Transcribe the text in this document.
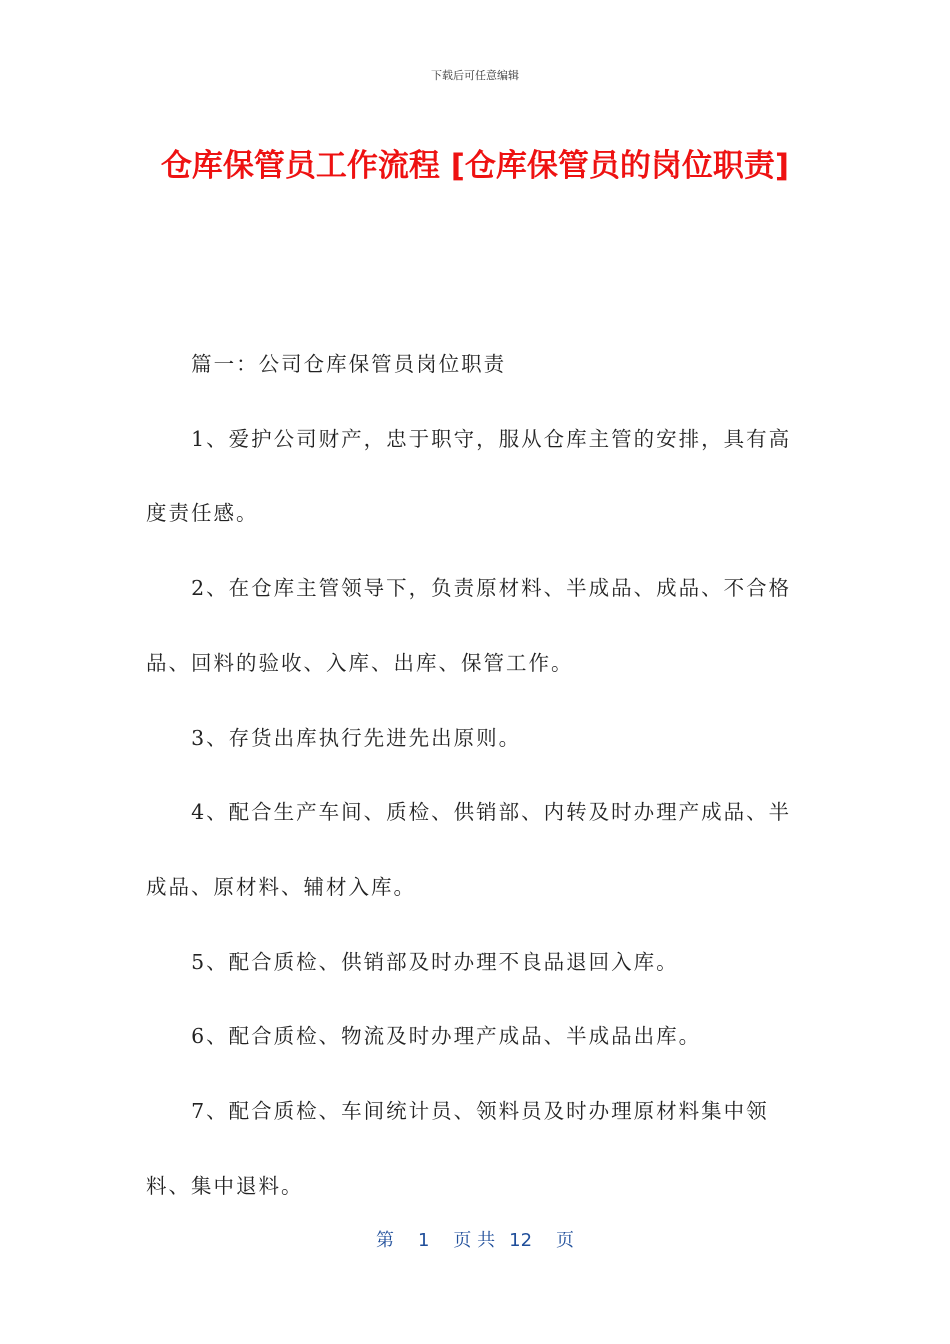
下载后可任意编辑
仓库保管员工作流程 [仓库保管员的岗位职责]

篇一：公司仓库保管员岗位职责

1、爱护公司财产，忠于职守，服从仓库主管的安排，具有高度责任感。

2、在仓库主管领导下，负责原材料、半成品、成品、不合格品、回料的验收、入库、出库、保管工作。

3、存货出库执行先进先出原则。

4、配合生产车间、质检、供销部、内转及时办理产成品、半成品、原材料、辅材入库。

5、配合质检、供销部及时办理不良品退回入库。

6、配合质检、物流及时办理产成品、半成品出库。

7、配合质检、车间统计员、领料员及时办理原材料集中领料、集中退料。

第 1 页 共 12 页
